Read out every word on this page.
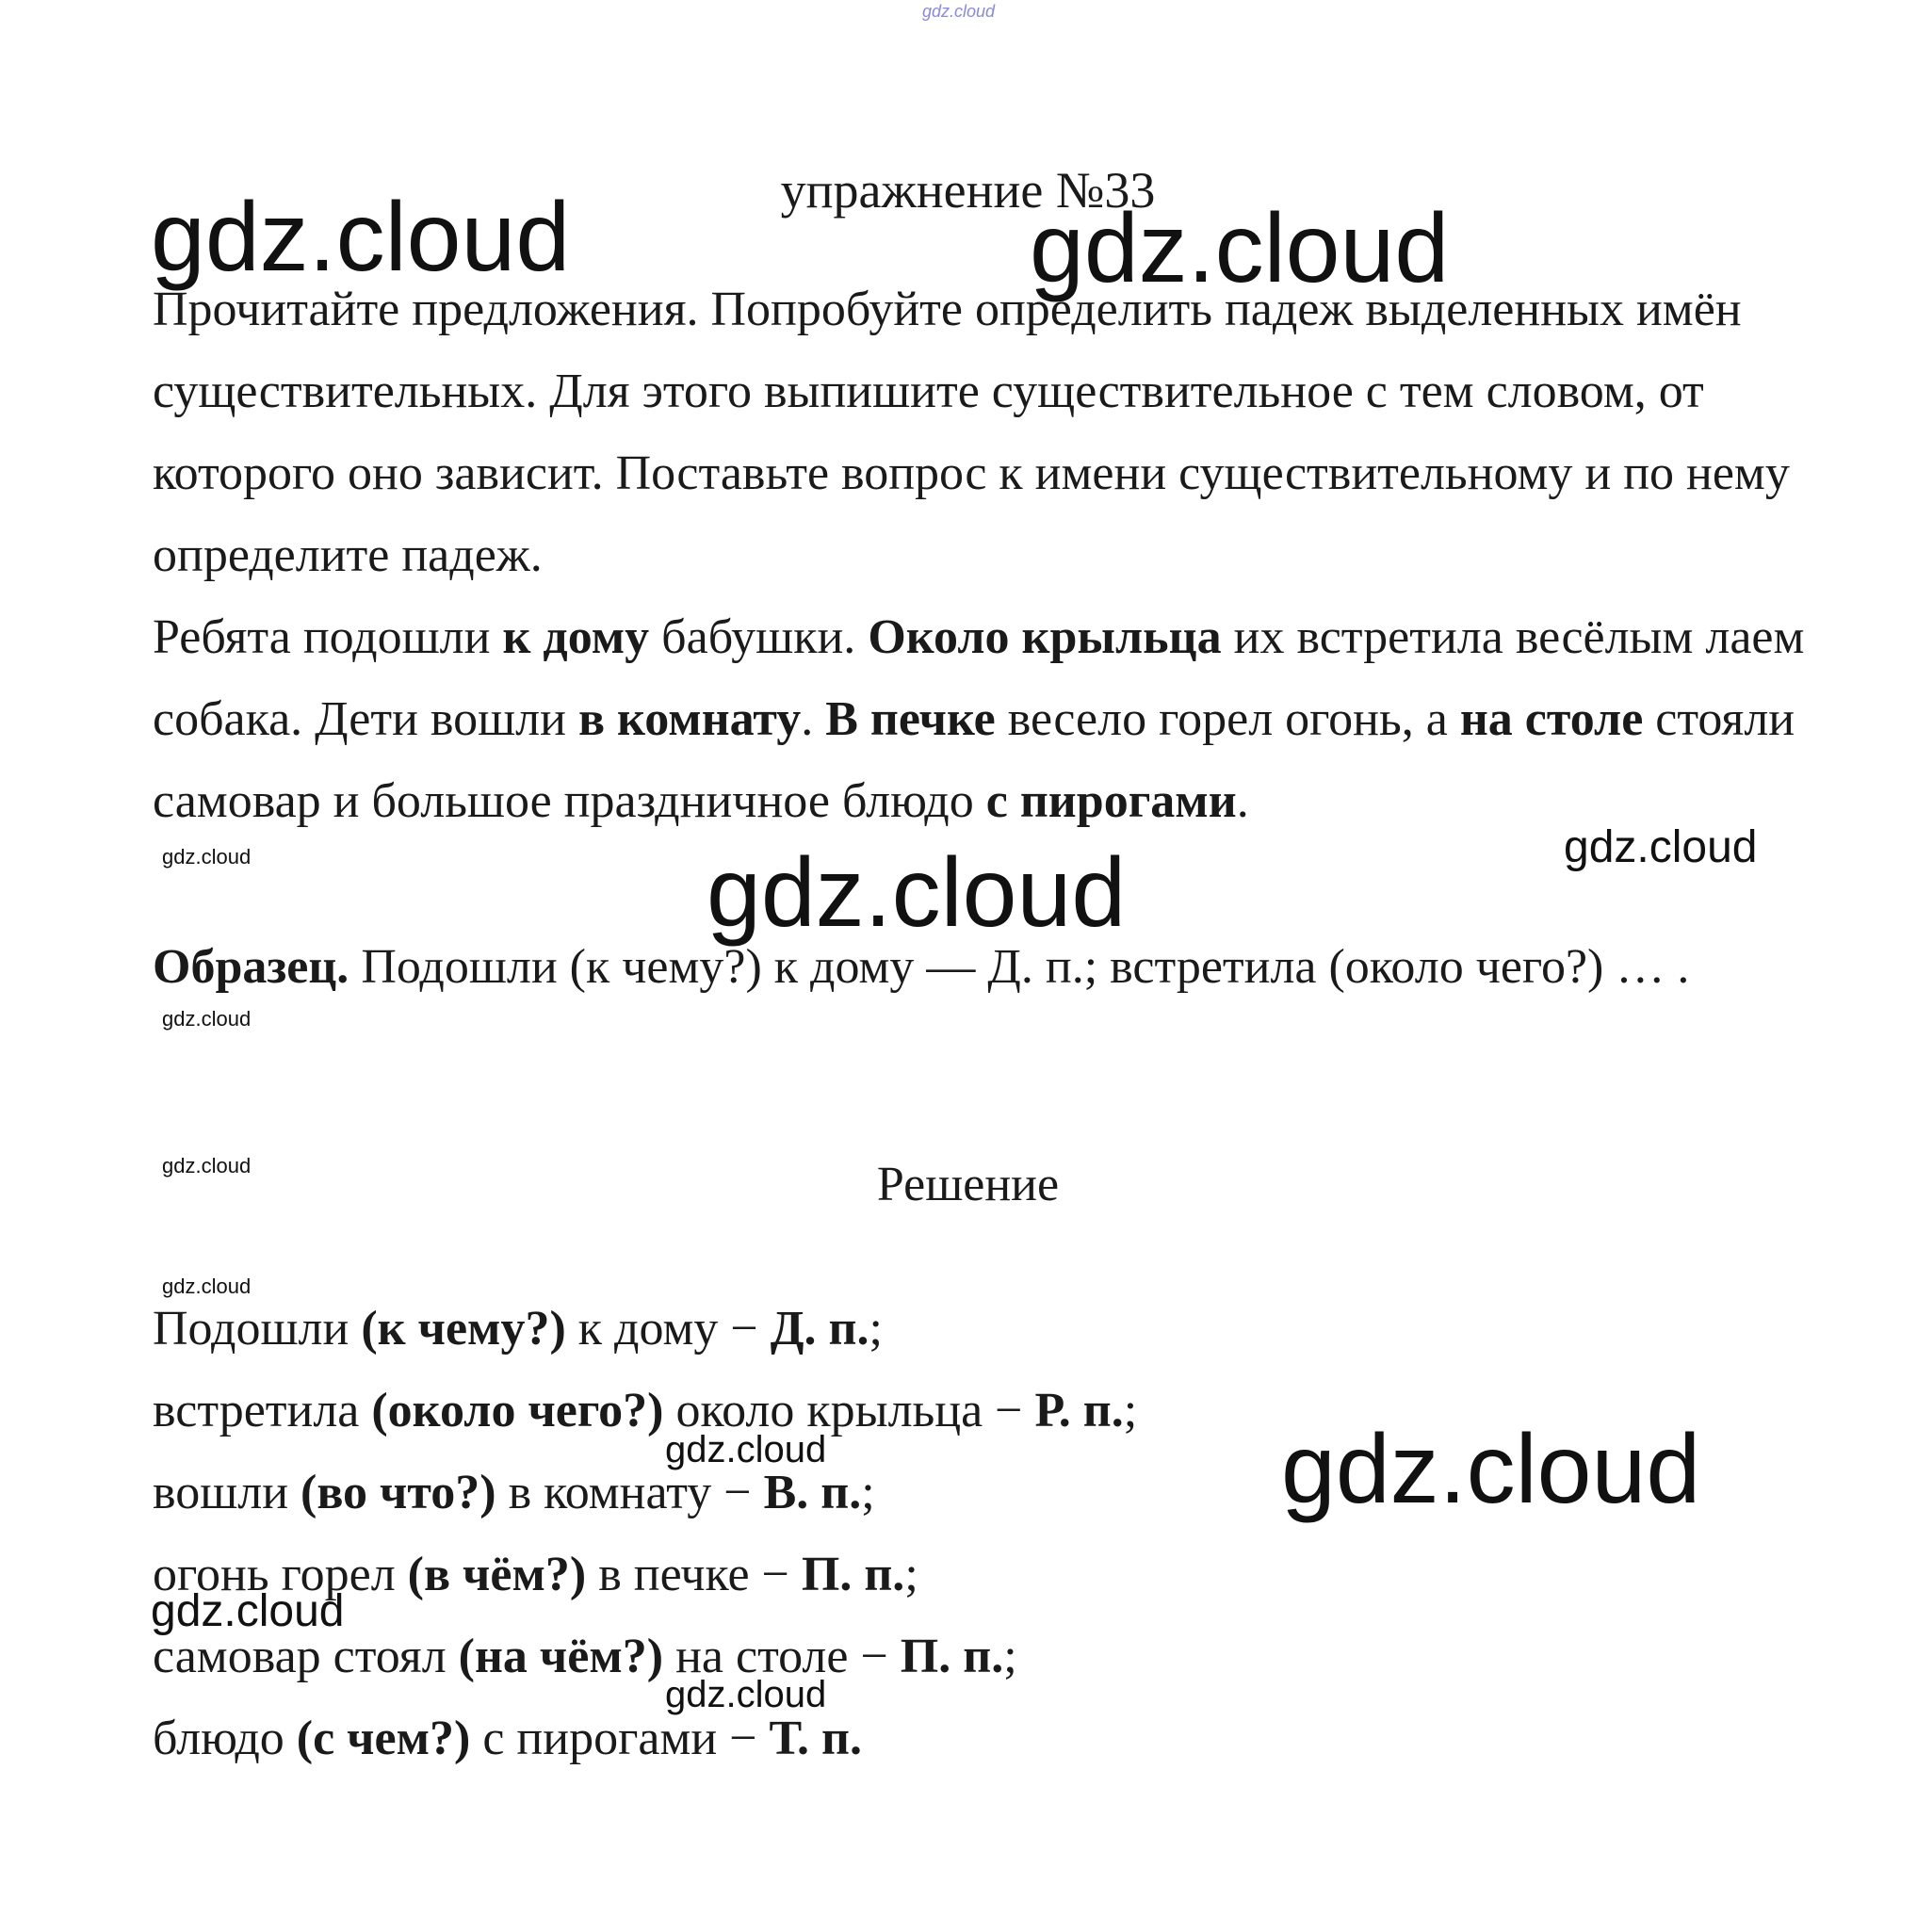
gdz.cloud
упражнение №33

Прочитайте предложения. Попробуйте определить падеж выделенных имён существительных. Для этого выпишите существительное с тем словом, от которого оно зависит. Поставьте вопрос к имени существительному и по нему определите падеж.

Ребята подошли к дому бабушки. Около крыльца их встретила весёлым лаем собака. Дети вошли в комнату. В печке весело горел огонь, а на столе стояли самовар и большое праздничное блюдо с пирогами.

Образец. Подошли (к чему?) к дому — Д. п.; встретила (около чего?) … .

Решение
Подошли (к чему?) к дому − Д. п.;
встретила (около чего?) около крыльца − Р. п.;
вошли (во что?) в комнату − В. п.;
огонь горел (в чём?) в печке − П. п.;
самовар стоял (на чём?) на столе − П. п.;
блюдо (с чем?) с пирогами − Т. п.
gdz.cloud	gdz.cloud
gdz.cloud	gdz.cloud
gdz.cloud
gdz.cloud
gdz.cloud
gdz.cloud
gdz.cloud	gdz.cloud
gdz.cloud
gdz.cloud
